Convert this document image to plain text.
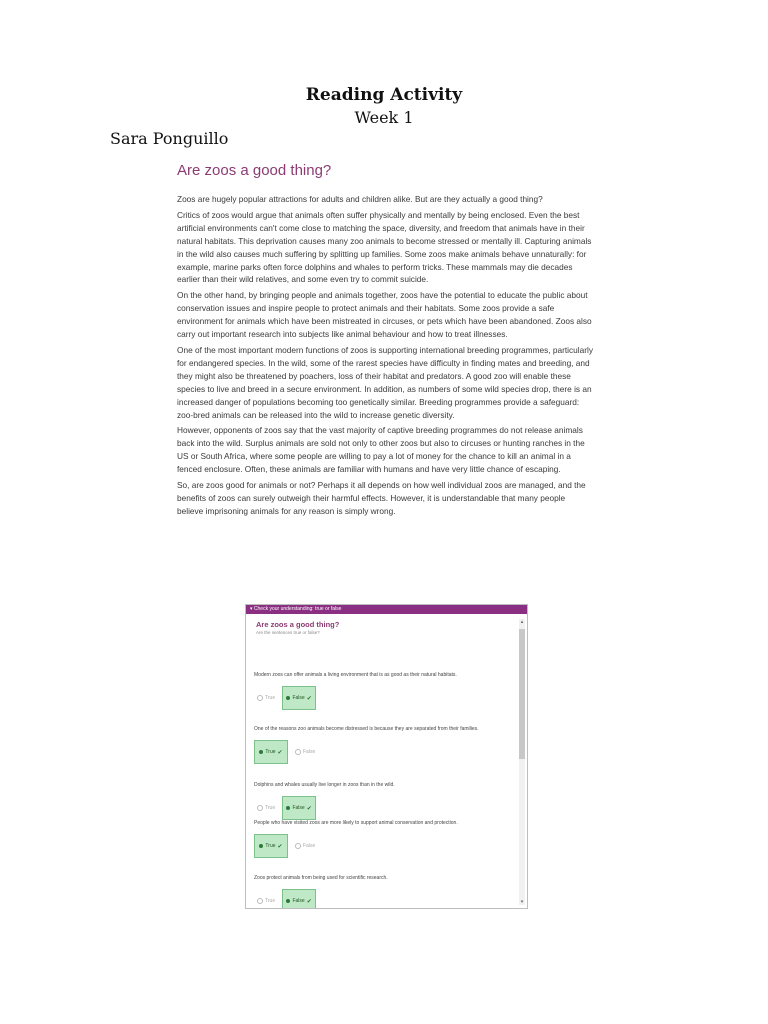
Reading Activity
Week 1
Sara Ponguillo
Are zoos a good thing?

Zoos are hugely popular attractions for adults and children alike. But are they actually a good thing?

Critics of zoos would argue that animals often suffer physically and mentally by being enclosed. Even the best artificial environments can't come close to matching the space, diversity, and freedom that animals have in their natural habitats. This deprivation causes many zoo animals to become stressed or mentally ill. Capturing animals in the wild also causes much suffering by splitting up families. Some zoos make animals behave unnaturally: for example, marine parks often force dolphins and whales to perform tricks. These mammals may die decades earlier than their wild relatives, and some even try to commit suicide.

On the other hand, by bringing people and animals together, zoos have the potential to educate the public about conservation issues and inspire people to protect animals and their habitats. Some zoos provide a safe environment for animals which have been mistreated in circuses, or pets which have been abandoned. Zoos also carry out important research into subjects like animal behaviour and how to treat illnesses.

One of the most important modern functions of zoos is supporting international breeding programmes, particularly for endangered species. In the wild, some of the rarest species have difficulty in finding mates and breeding, and they might also be threatened by poachers, loss of their habitat and predators. A good zoo will enable these species to live and breed in a secure environment. In addition, as numbers of some wild species drop, there is an increased danger of populations becoming too genetically similar. Breeding programmes provide a safeguard: zoo-bred animals can be released into the wild to increase genetic diversity.

However, opponents of zoos say that the vast majority of captive breeding programmes do not release animals back into the wild. Surplus animals are sold not only to other zoos but also to circuses or hunting ranches in the US or South Africa, where some people are willing to pay a lot of money for the chance to kill an animal in a fenced enclosure. Often, these animals are familiar with humans and have very little chance of escaping.

So, are zoos good for animals or not? Perhaps it all depends on how well individual zoos are managed, and the benefits of zoos can surely outweigh their harmful effects. However, it is understandable that many people believe imprisoning animals for any reason is simply wrong.

▾ Check your understanding: true or false
▴
▾
Are zoos a good thing?
Are the sentences true or false?

Modern zoos can offer animals a living environment that is as good as their natural habitats.

True	False ✔

One of the reasons zoo animals become distressed is because they are separated from their families.

True ✔	False

Dolphins and whales usually live longer in zoos than in the wild.

True	False ✔

People who have visited zoos are more likely to support animal conservation and protection.

True ✔	False

Zoos protect animals from being used for scientific research.

True	False ✔
